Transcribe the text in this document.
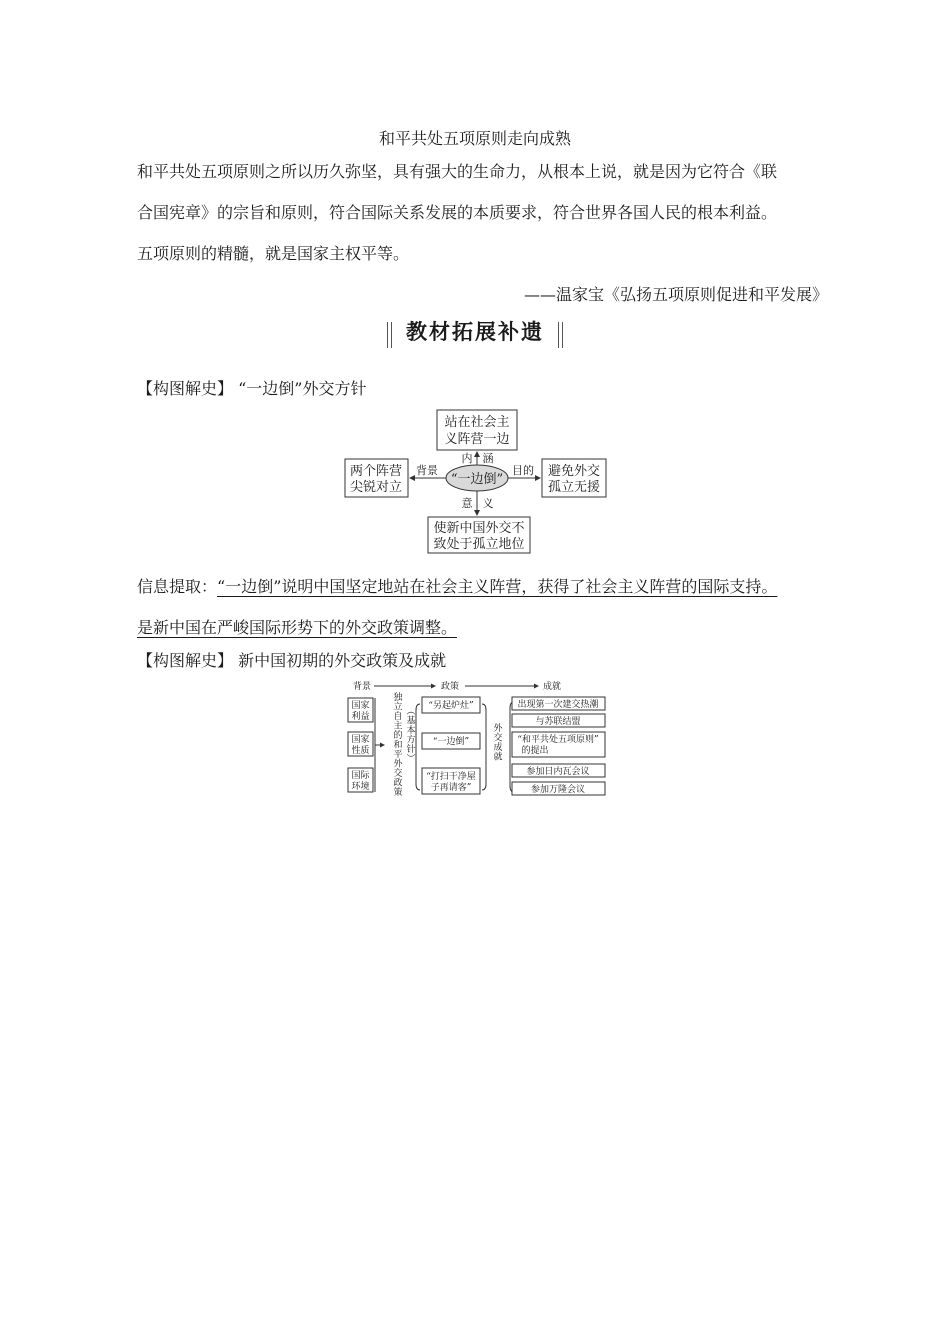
和平共处五项原则走向成熟
和平共处五项原则之所以历久弥坚，具有强大的生命力，从根本上说，就是因为它符合《联
合国宪章》的宗旨和原则，符合国际关系发展的本质要求，符合世界各国人民的根本利益。
五项原则的精髓，就是国家主权平等。
——温家宝《弘扬五项原则促进和平发展》
教材拓展补遗
【构图解史】 “一边倒”外交方针
站在社会主
义阵营一边
两个阵营
尖锐对立
避免外交
孤立无援
使新中国外交不
致处于孤立地位
“一边倒”
内 涵
背景	目的
意 义
信息提取：“一边倒”说明中国坚定地站在社会主义阵营，获得了社会主义阵营的国际支持。
是新中国在严峻国际形势下的外交政策调整。
【构图解史】 新中国初期的外交政策及成就
背景	政策	成就
国家
利益
国家
性质
国际
环境
独立自主的和平外交政策
︵基本方针︶
“另起炉灶”
“一边倒”
“打扫干净屋
子再请客”
外交成就
出现第一次建交热潮
与苏联结盟
“和平共处五项原则”
的提出
参加日内瓦会议
参加万隆会议
